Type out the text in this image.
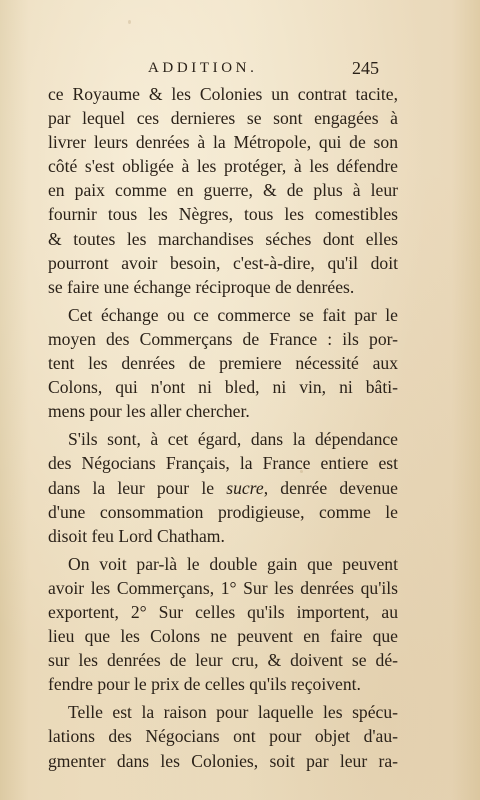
ADDITION.	245
ce Royaume & les Colonies un contrat tacite,
par lequel ces dernieres se sont engagées à
livrer leurs denrées à la Métropole, qui de son
côté s'est obligée à les protéger, à les défendre
en paix comme en guerre, & de plus à leur
fournir tous les Nègres, tous les comestibles
& toutes les marchandises séches dont elles
pourront avoir besoin, c'est-à-dire, qu'il doit
se faire une échange réciproque de denrées.
Cet échange ou ce commerce se fait par le
moyen des Commerçans de France : ils por-
tent les denrées de premiere nécessité aux
Colons, qui n'ont ni bled, ni vin, ni bâti-
mens pour les aller chercher.
S'ils sont, à cet égard, dans la dépendance
des Négocians Français, la France entiere est
dans la leur pour le sucre, denrée devenue
d'une consommation prodigieuse, comme le
disoit feu Lord Chatham.
On voit par-là le double gain que peuvent
avoir les Commerçans, 1° Sur les denrées qu'ils
exportent, 2° Sur celles qu'ils importent, au
lieu que les Colons ne peuvent en faire que
sur les denrées de leur cru, & doivent se dé-
fendre pour le prix de celles qu'ils reçoivent.
Telle est la raison pour laquelle les spécu-
lations des Négocians ont pour objet d'au-
gmenter dans les Colonies, soit par leur ra-
